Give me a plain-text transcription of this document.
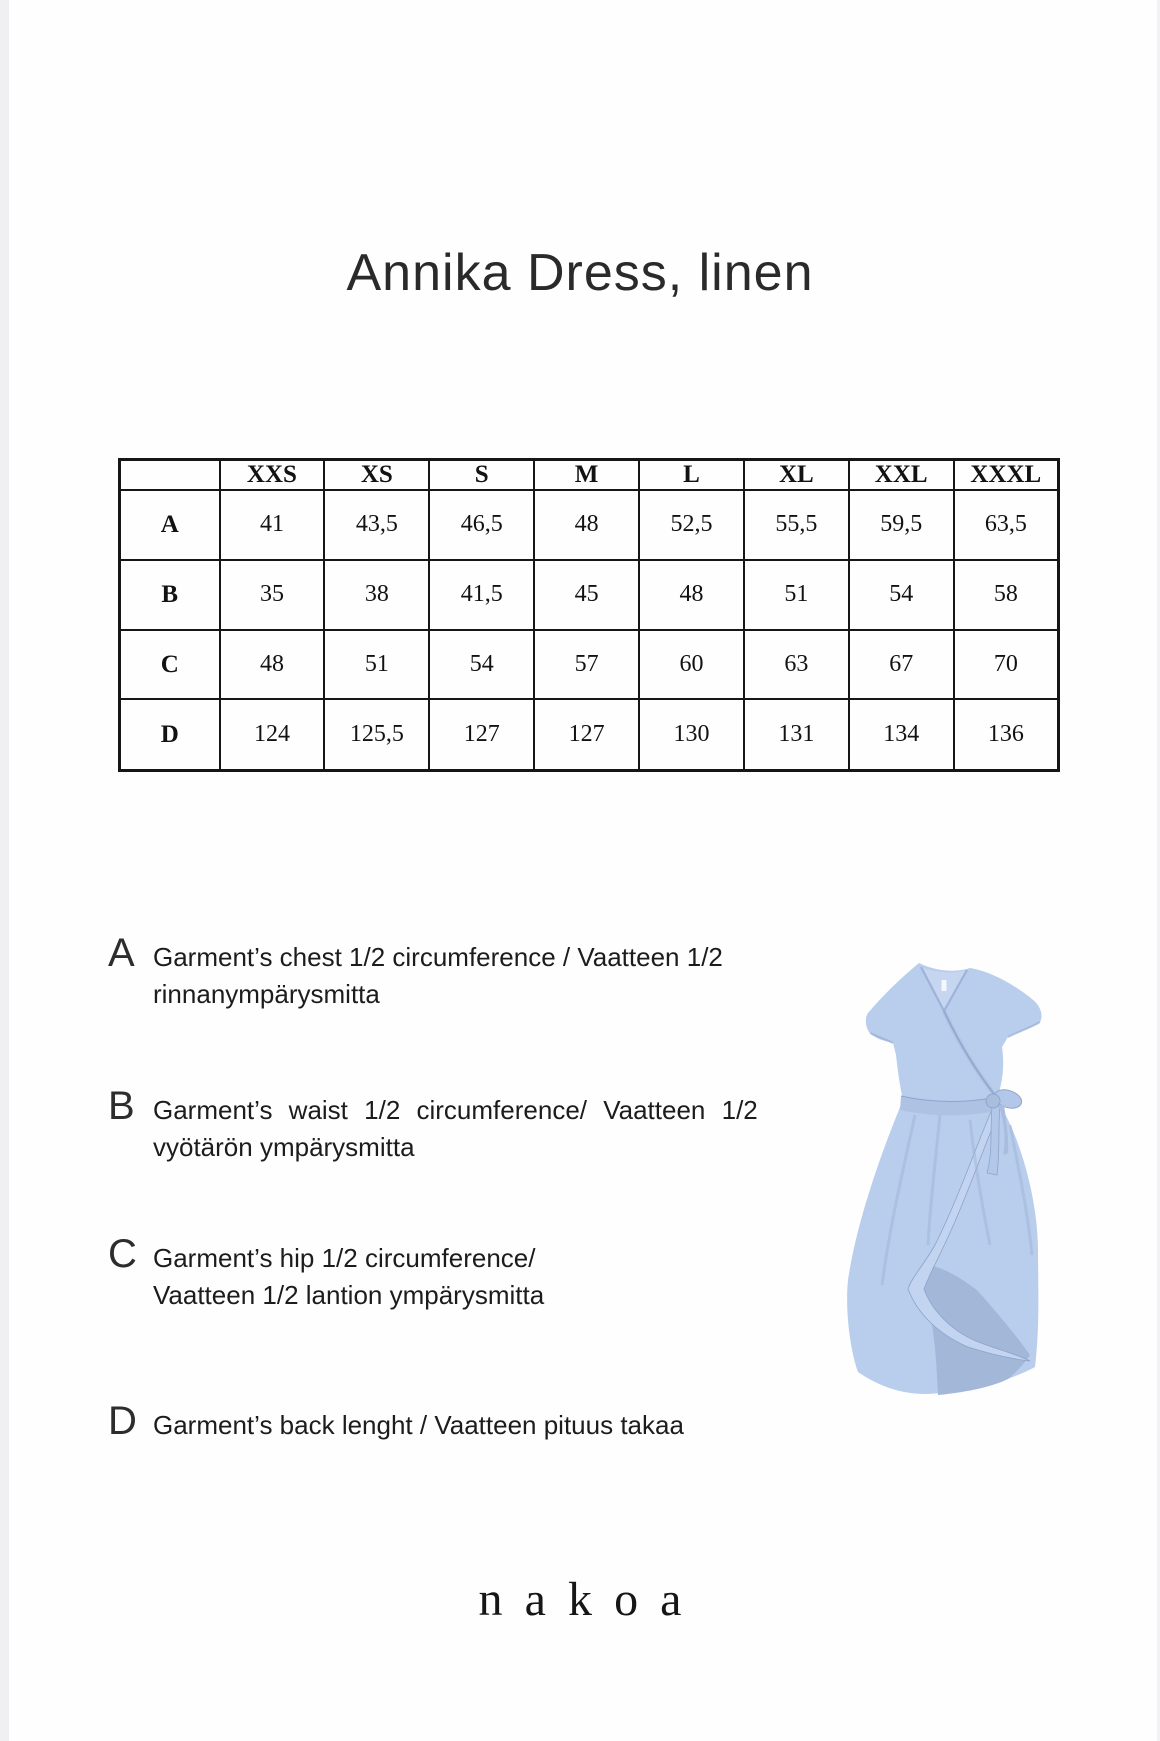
Annika Dress, linen
	XXS	XS	S	M	L	XL	XXL	XXXL
A	41	43,5	46,5	48	52,5	55,5	59,5	63,5
B	35	38	41,5	45	48	51	54	58
C	48	51	54	57	60	63	67	70
D	124	125,5	127	127	130	131	134	136
A Garment’s chest 1/2 circumference / Vaatteen 1/2
rinnanympärysmitta
B Garment’s waist 1/2 circumference/ Vaatteen 1/2
vyötärön ympärysmitta
C Garment’s hip 1/2 circumference/
Vaatteen 1/2 lantion ympärysmitta
D Garment’s back lenght / Vaatteen pituus takaa
nakoa
